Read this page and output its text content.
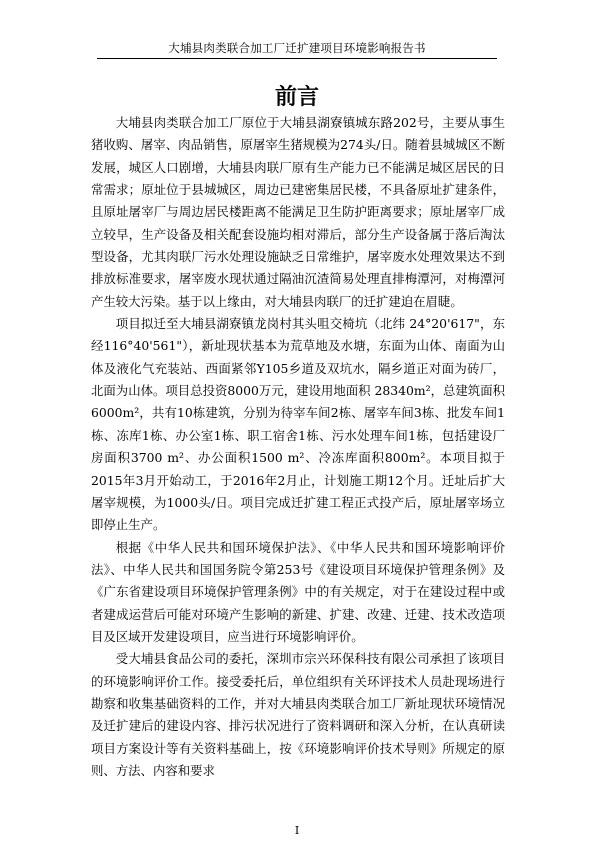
大埔县肉类联合加工厂迁扩建项目环境影响报告书
前言

大埔县肉类联合加工厂原位于大埔县湖寮镇城东路202号，主要从事生猪收购、屠宰、肉品销售，原屠宰生猪规模为274头/日。随着县城城区不断发展，城区人口剧增，大埔县肉联厂原有生产能力已不能满足城区居民的日常需求；原址位于县城城区，周边已建密集居民楼，不具备原址扩建条件，且原址屠宰厂与周边居民楼距离不能满足卫生防护距离要求；原址屠宰厂成立较早，生产设备及相关配套设施均相对滞后，部分生产设备属于落后淘汰型设备，尤其肉联厂污水处理设施缺乏日常维护，屠宰废水处理效果达不到排放标准要求，屠宰废水现状通过隔油沉渣简易处理直排梅潭河，对梅潭河产生较大污染。基于以上缘由，对大埔县肉联厂的迁扩建迫在眉睫。

项目拟迁至大埔县湖寮镇龙岗村其头咀交椅坑（北纬 24°20'617"，东经116°40'561"），新址现状基本为荒草地及水塘，东面为山体、南面为山体及液化气充装站、西面紧邻Y105乡道及双坑水，隔乡道正对面为砖厂，北面为山体。项目总投资8000万元，建设用地面积 28340m²，总建筑面积6000m²，共有10栋建筑，分别为待宰车间2栋、屠宰车间3栋、批发车间1栋、冻库1栋、办公室1栋、职工宿舍1栋、污水处理车间1栋，包括建设厂房面积3700 m²、办公面积1500 m²、冷冻库面积800m²。本项目拟于2015年3月开始动工，于2016年2月止，计划施工期12个月。迁址后扩大屠宰规模，为1000头/日。项目完成迁扩建工程正式投产后，原址屠宰场立即停止生产。

根据《中华人民共和国环境保护法》、《中华人民共和国环境影响评价法》、中华人民共和国国务院令第253号《建设项目环境保护管理条例》及《广东省建设项目环境保护管理条例》中的有关规定，对于在建设过程中或者建成运营后可能对环境产生影响的新建、扩建、改建、迁建、技术改造项目及区域开发建设项目，应当进行环境影响评价。

受大埔县食品公司的委托，深圳市宗兴环保科技有限公司承担了该项目的环境影响评价工作。接受委托后，单位组织有关环评技术人员赴现场进行勘察和收集基础资料的工作，并对大埔县肉类联合加工厂新址现状环境情况及迁扩建后的建设内容、排污状况进行了资料调研和深入分析，在认真研读项目方案设计等有关资料基础上，按《环境影响评价技术导则》所规定的原则、方法、内容和要求

I
